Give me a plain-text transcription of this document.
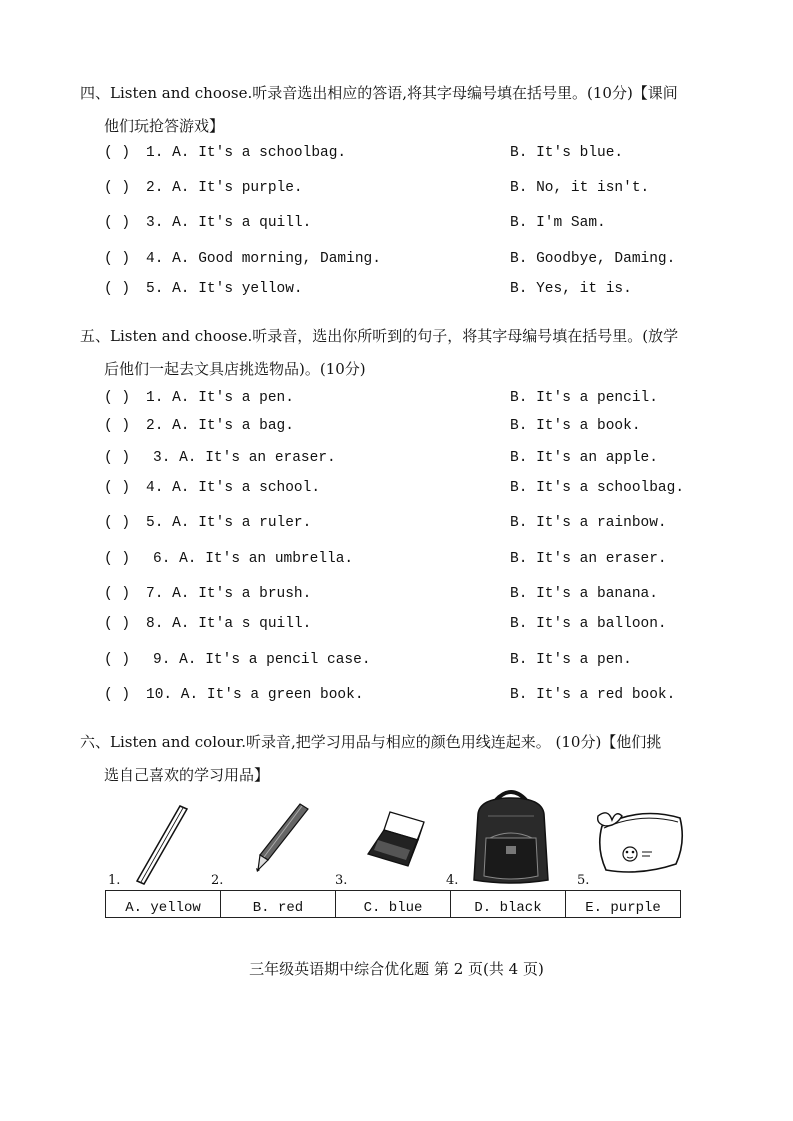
四、Listen and choose.听录音选出相应的答语,将其字母编号填在括号里。(10分)【课间
他们玩抢答游戏】
( ) 1. A. It's a schoolbag.	B. It's blue.
( ) 2. A. It's purple.	B. No, it isn't.
( ) 3. A. It's a quill.	B. I'm Sam.
( ) 4. A. Good morning, Daming.	B. Goodbye, Daming.
( ) 5. A. It's yellow.	B. Yes, it is.
五、Listen and choose.听录音，选出你所听到的句子，将其字母编号填在括号里。(放学
后他们一起去文具店挑选物品)。(10分)
( ) 1. A. It's a pen.	B. It's a pencil.
( ) 2. A. It's a bag.	B. It's a book.
( ) 3. A. It's an eraser.	B. It's an apple.
( ) 4. A. It's a school.	B. It's a schoolbag.
( ) 5. A. It's a ruler.	B. It's a rainbow.
( ) 6. A. It's an umbrella.	B. It's an eraser.
( ) 7. A. It's a brush.	B. It's a banana.
( ) 8. A. It'a s quill.	B. It's a balloon.
( ) 9. A. It's a pencil case.	B. It's a pen.
( ) 10. A. It's a green book.	B. It's a red book.
六、Listen and colour.听录音,把学习用品与相应的颜色用线连起来。 (10分)【他们挑
选自己喜欢的学习用品】
1.	2.	3.	4.	5.
A. yellow	B. red	C. blue	D. black	E. purple
三年级英语期中综合优化题 第 2 页(共 4 页)
